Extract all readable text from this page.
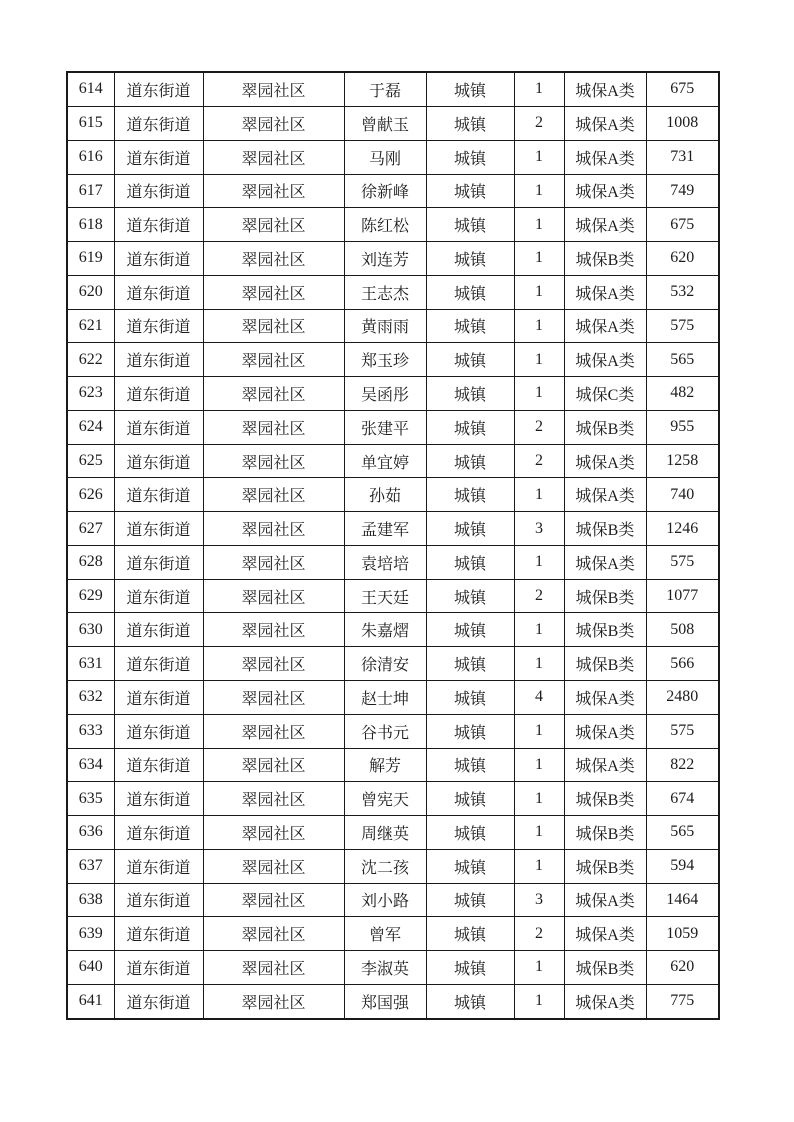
614	道东街道	翠园社区	于磊	城镇	1	城保A类	675
615	道东街道	翠园社区	曾献玉	城镇	2	城保A类	1008
616	道东街道	翠园社区	马刚	城镇	1	城保A类	731
617	道东街道	翠园社区	徐新峰	城镇	1	城保A类	749
618	道东街道	翠园社区	陈红松	城镇	1	城保A类	675
619	道东街道	翠园社区	刘连芳	城镇	1	城保B类	620
620	道东街道	翠园社区	王志杰	城镇	1	城保A类	532
621	道东街道	翠园社区	黄雨雨	城镇	1	城保A类	575
622	道东街道	翠园社区	郑玉珍	城镇	1	城保A类	565
623	道东街道	翠园社区	吴函彤	城镇	1	城保C类	482
624	道东街道	翠园社区	张建平	城镇	2	城保B类	955
625	道东街道	翠园社区	单宜婷	城镇	2	城保A类	1258
626	道东街道	翠园社区	孙茹	城镇	1	城保A类	740
627	道东街道	翠园社区	孟建军	城镇	3	城保B类	1246
628	道东街道	翠园社区	袁培培	城镇	1	城保A类	575
629	道东街道	翠园社区	王天廷	城镇	2	城保B类	1077
630	道东街道	翠园社区	朱嘉熠	城镇	1	城保B类	508
631	道东街道	翠园社区	徐清安	城镇	1	城保B类	566
632	道东街道	翠园社区	赵士坤	城镇	4	城保A类	2480
633	道东街道	翠园社区	谷书元	城镇	1	城保A类	575
634	道东街道	翠园社区	解芳	城镇	1	城保A类	822
635	道东街道	翠园社区	曾宪天	城镇	1	城保B类	674
636	道东街道	翠园社区	周继英	城镇	1	城保B类	565
637	道东街道	翠园社区	沈二孩	城镇	1	城保B类	594
638	道东街道	翠园社区	刘小路	城镇	3	城保A类	1464
639	道东街道	翠园社区	曾军	城镇	2	城保A类	1059
640	道东街道	翠园社区	李淑英	城镇	1	城保B类	620
641	道东街道	翠园社区	郑国强	城镇	1	城保A类	775
